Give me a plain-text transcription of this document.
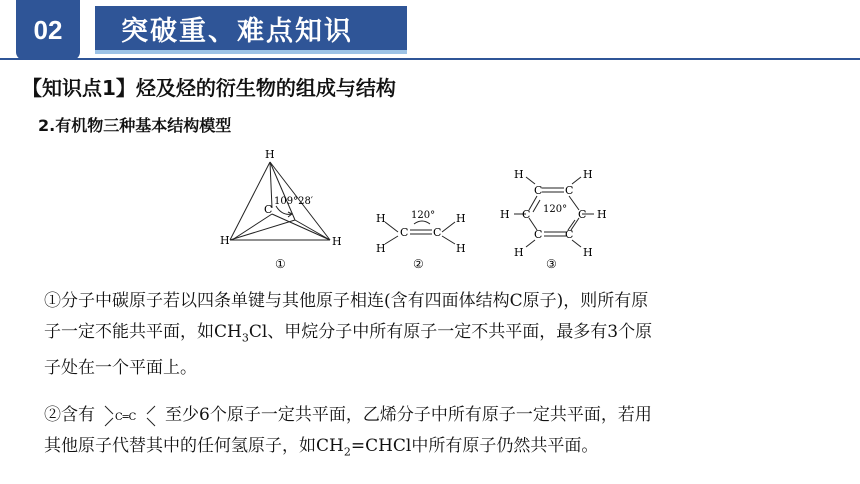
02 突破重、难点知识
【知识点1】烃及烃的衍生物的组成与结构
2.有机物三种基本结构模型
H
C
H	H
109°28′
①
H
H
C C
H
H
120°
②
H
C C
H
H C	C H
C C
H	H
120°
③
①分子中碳原子若以四条单键与其他原子相连(含有四面体结构C原子)，则所有原
子一定不能共平面，如$CH_3Cl$、甲烷分子中所有原子一定不共平面，最多有3个原
子处在一个平面上。
②含有 C═C 至少6个原子一定共平面，乙烯分子中所有原子一定共平面，若用
其他原子代替其中的任何氢原子，如$CH_2=CHCl$中所有原子仍然共平面。
